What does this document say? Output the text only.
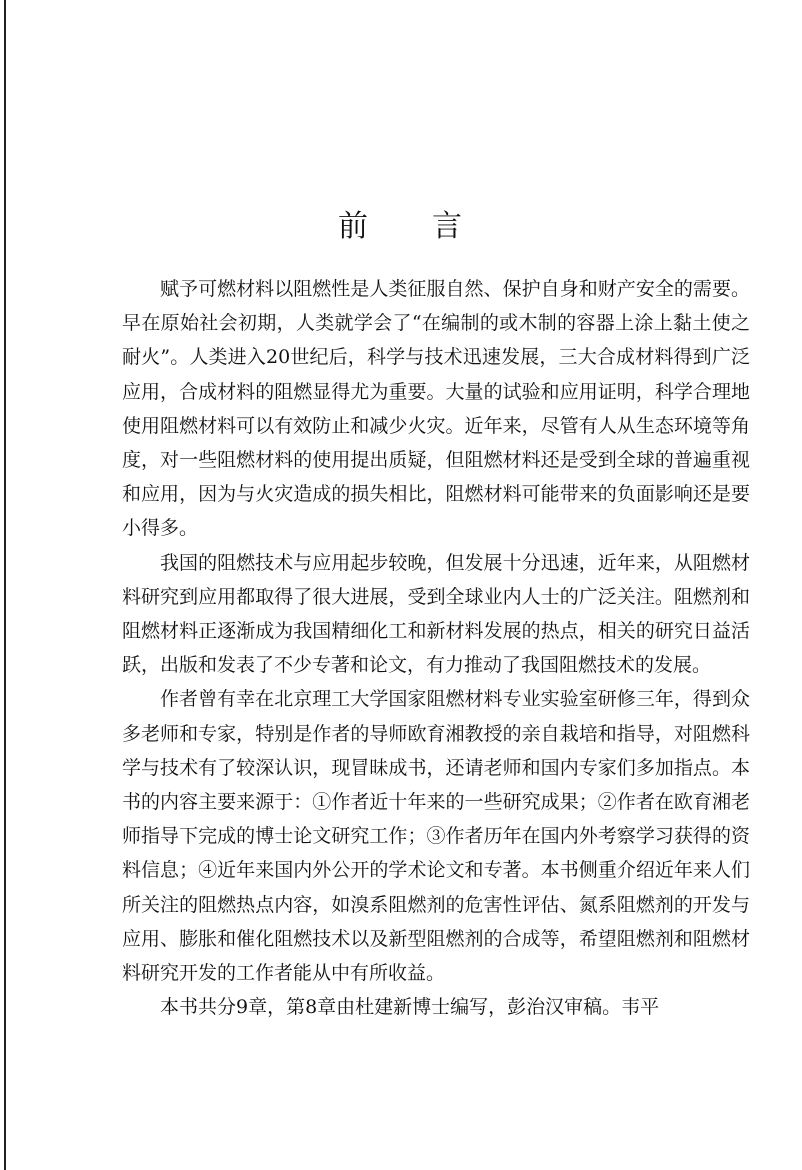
前 言

赋予可燃材料以阻燃性是人类征服自然、保护自身和财产安全的需要。早在原始社会初期，人类就学会了“在编制的或木制的容器上涂上黏土使之耐火”。人类进入20世纪后，科学与技术迅速发展，三大合成材料得到广泛应用，合成材料的阻燃显得尤为重要。大量的试验和应用证明，科学合理地使用阻燃材料可以有效防止和减少火灾。近年来，尽管有人从生态环境等角度，对一些阻燃材料的使用提出质疑，但阻燃材料还是受到全球的普遍重视和应用，因为与火灾造成的损失相比，阻燃材料可能带来的负面影响还是要小得多。

我国的阻燃技术与应用起步较晚，但发展十分迅速，近年来，从阻燃材料研究到应用都取得了很大进展，受到全球业内人士的广泛关注。阻燃剂和阻燃材料正逐渐成为我国精细化工和新材料发展的热点，相关的研究日益活跃，出版和发表了不少专著和论文，有力推动了我国阻燃技术的发展。

作者曾有幸在北京理工大学国家阻燃材料专业实验室研修三年，得到众多老师和专家，特别是作者的导师欧育湘教授的亲自栽培和指导，对阻燃科学与技术有了较深认识，现冒昧成书，还请老师和国内专家们多加指点。本书的内容主要来源于：①作者近十年来的一些研究成果；②作者在欧育湘老师指导下完成的博士论文研究工作；③作者历年在国内外考察学习获得的资料信息；④近年来国内外公开的学术论文和专著。本书侧重介绍近年来人们所关注的阻燃热点内容，如溴系阻燃剂的危害性评估、氮系阻燃剂的开发与应用、膨胀和催化阻燃技术以及新型阻燃剂的合成等，希望阻燃剂和阻燃材料研究开发的工作者能从中有所收益。

本书共分9章，第8章由杜建新博士编写，彭治汉审稿。韦平
